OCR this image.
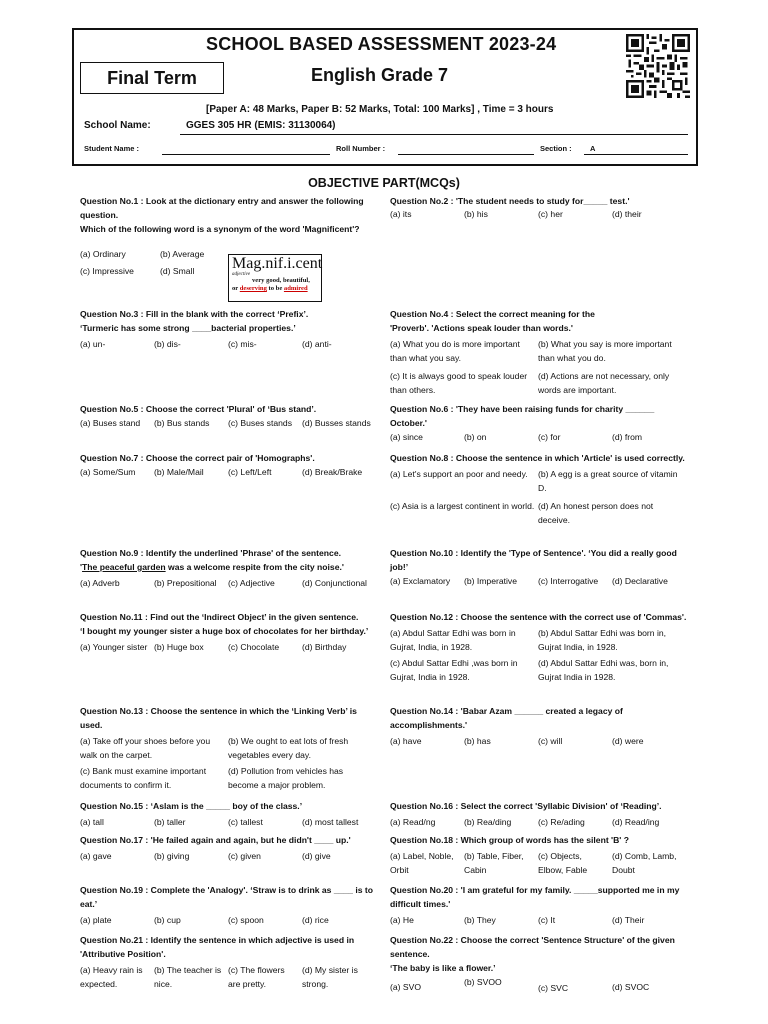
SCHOOL BASED ASSESSMENT 2023-24
Final Term	English Grade 7
[Paper A: 48 Marks, Paper B: 52 Marks, Total: 100 Marks] , Time = 3 hours
School Name:	GGES 305 HR (EMIS: 31130064)
Student Name :	Roll Number :	Section : A
OBJECTIVE PART(MCQs)
Question No.1 : Look at the dictionary entry and answer the following question.
Which of the following word is a synonym of the word 'Magnificent'?
(a) Ordinary	(b) Average
(c) Impressive	(d) Small	Mag.nif.i.cent
adjective
very good, beautiful,
or deserving to be admired
Question No.2 : 'The student needs to study for_____ test.'
(a) its	(b) his	(c) her	(d) their
Question No.3 : Fill in the blank with the correct ‘Prefix’.
‘Turmeric has some strong ____bacterial properties.’
(a) un-	(b) dis-	(c) mis-	(d) anti-
Question No.4 : Select the correct meaning for the 'Proverb'. 'Actions speak louder than words.'
(a) What you do is more important than what you say.
(b) What you say is more important than what you do.
(c) It is always good to speak louder than others.
(d) Actions are not necessary, only words are important.
Question No.5 : Choose the correct 'Plural' of ‘Bus stand’.
(a) Buses stand	(b) Bus stands	(c) Buses stands	(d) Busses stands
Question No.6 : 'They have been raising funds for charity ______ October.'
(a) since	(b) on	(c) for	(d) from
Question No.7 : Choose the correct pair of 'Homographs'.
(a) Some/Sum	(b) Male/Mail	(c) Left/Left	(d) Break/Brake
Question No.8 : Choose the sentence in which 'Article' is used correctly.
(a) Let's support an poor and needy.	(b) A egg is a great source of vitamin D.
(c) Asia is a largest continent in world. (d) An honest person does not deceive.
Question No.9 : Identify the underlined 'Phrase' of the sentence.
'The peaceful garden was a welcome respite from the city noise.'
(a) Adverb	(b) Prepositional	(c) Adjective	(d) Conjunctional
Question No.10 : Identify the 'Type of Sentence'. ‘You did a really good job!’
(a) Exclamatory	(b) Imperative	(c) Interrogative	(d) Declarative
Question No.11 : Find out the ‘Indirect Object’ in the given sentence.
‘I bought my younger sister a huge box of chocolates for her birthday.’
(a) Younger sister (b) Huge box	(c) Chocolate	(d) Birthday
Question No.12 : Choose the sentence with the correct use of 'Commas'.
(a) Abdul Sattar Edhi was born in Gujrat, India, in 1928.
(b) Abdul Sattar Edhi was born in, Gujrat India, in 1928.
(c) Abdul Sattar Edhi ,was born in Gujrat, India in 1928.
(d) Abdul Sattar Edhi was, born in, Gujrat India in 1928.
Question No.13 : Choose the sentence in which the ‘Linking Verb’ is used.
(a) Take off your shoes before you walk on the carpet.
(b) We ought to eat lots of fresh vegetables every day.
(c) Bank must examine important documents to confirm it.
(d) Pollution from vehicles has become a major problem.
Question No.14 : 'Babar Azam ______ created a legacy of accomplishments.'
(a) have	(b) has	(c) will	(d) were
Question No.15 : ‘Aslam is the _____ boy of the class.’
(a) tall	(b) taller	(c) tallest	(d) most tallest
Question No.16 : Select the correct 'Syllabic Division' of ‘Reading’.
(a) Read/ng	(b) Rea/ding	(c) Re/ading	(d) Read/ing
Question No.17 : 'He failed again and again, but he didn't ____ up.'
(a) gave	(b) giving	(c) given	(d) give
Question No.18 : Which group of words has the silent 'B' ?
(a) Label, Noble, Orbit
(b) Table, Fiber, Cabin
(c) Objects, Elbow, Fable
(d) Comb, Lamb, Doubt
Question No.19 : Complete the 'Analogy'. ‘Straw is to drink as ____ is to eat.’
(a) plate	(b) cup	(c) spoon	(d) rice
Question No.20 : 'I am grateful for my family. _____supported me in my difficult times.'
(a) He	(b) They	(c) It	(d) Their
Question No.21 : Identify the sentence in which adjective is used in 'Attributive Position'.
(a) Heavy rain is expected.
(b) The teacher is nice.
(c) The flowers are pretty.
(d) My sister is strong.
Question No.22 : Choose the correct 'Sentence Structure' of the given sentence.
‘The baby is like a flower.’
(a) SVO	(b) SVOO
(c) SVC	(d) SVOC
